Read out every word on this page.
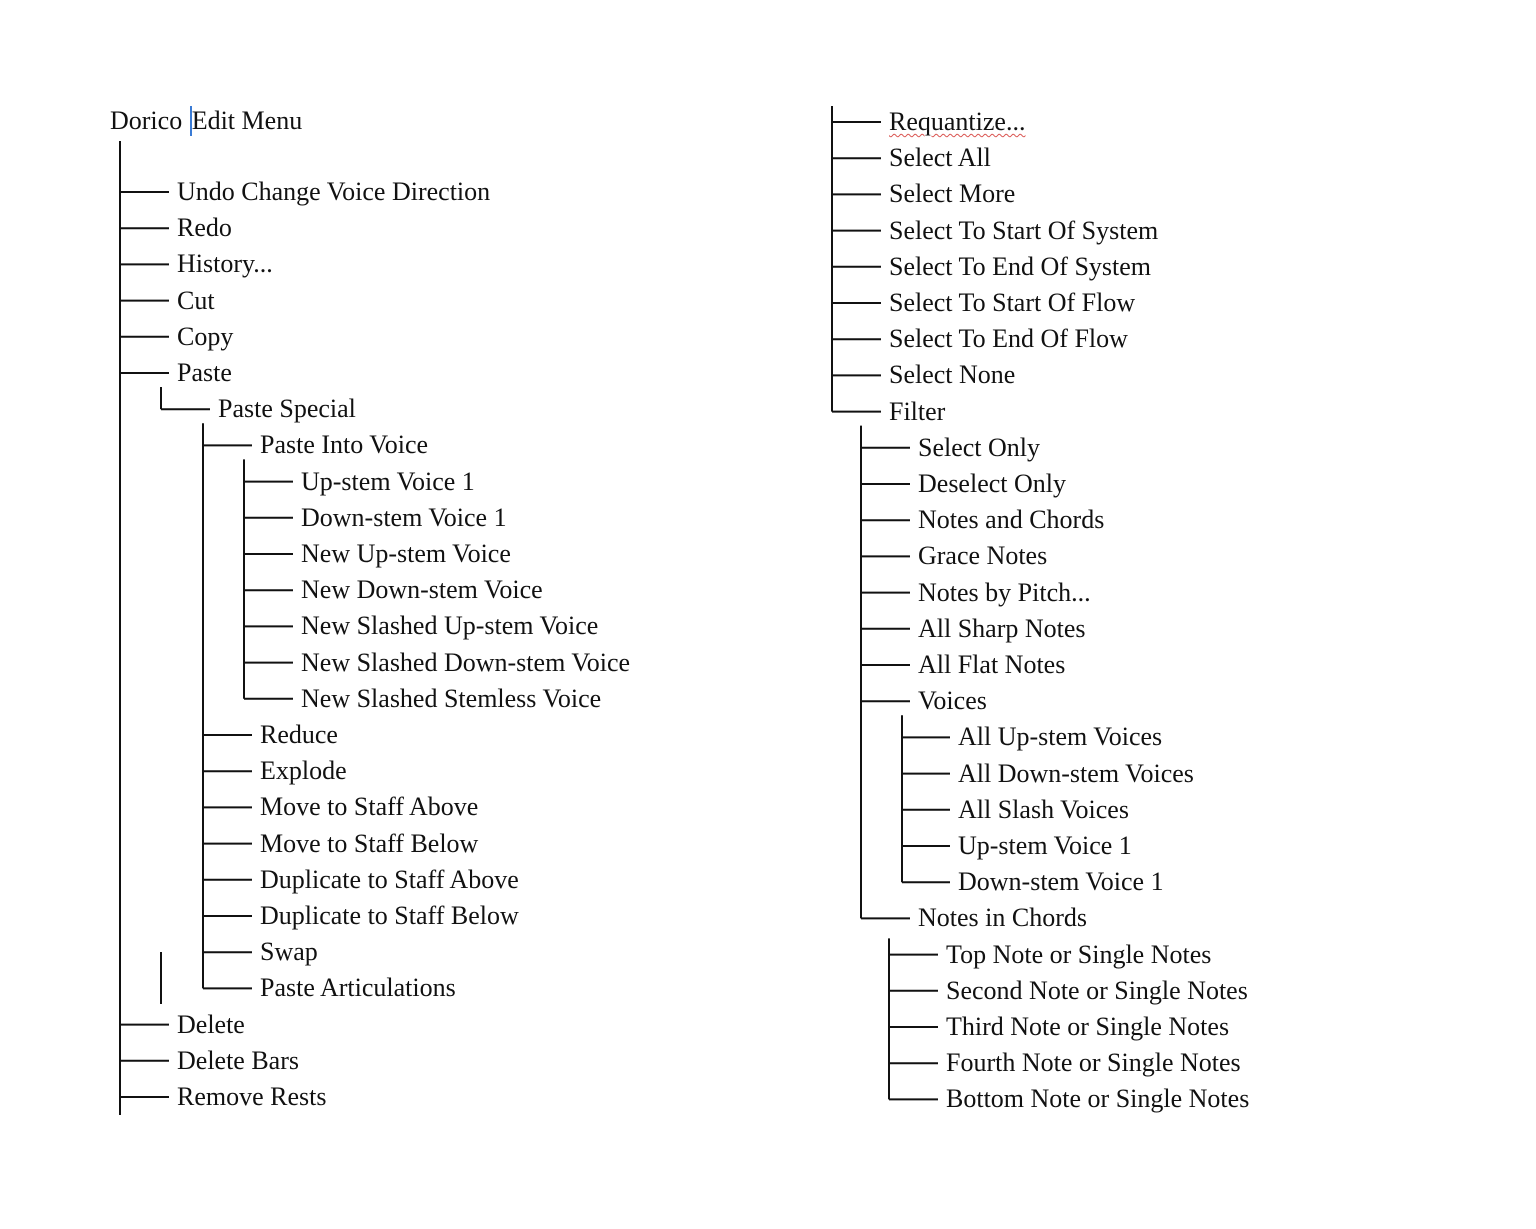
Dorico Edit Menu
Undo Change Voice Direction
Redo
History...
Cut
Copy
Paste
Paste Special
Paste Into Voice
Up-stem Voice 1
Down-stem Voice 1
New Up-stem Voice
New Down-stem Voice
New Slashed Up-stem Voice
New Slashed Down-stem Voice
New Slashed Stemless Voice
Reduce
Explode
Move to Staff Above
Move to Staff Below
Duplicate to Staff Above
Duplicate to Staff Below
Swap
Paste Articulations
Delete
Delete Bars
Remove Rests
Requantize...
Select All
Select More
Select To Start Of System
Select To End Of System
Select To Start Of Flow
Select To End Of Flow
Select None
Filter
Select Only
Deselect Only
Notes and Chords
Grace Notes
Notes by Pitch...
All Sharp Notes
All Flat Notes
Voices
All Up-stem Voices
All Down-stem Voices
All Slash Voices
Up-stem Voice 1
Down-stem Voice 1
Notes in Chords
Top Note or Single Notes
Second Note or Single Notes
Third Note or Single Notes
Fourth Note or Single Notes
Bottom Note or Single Notes
